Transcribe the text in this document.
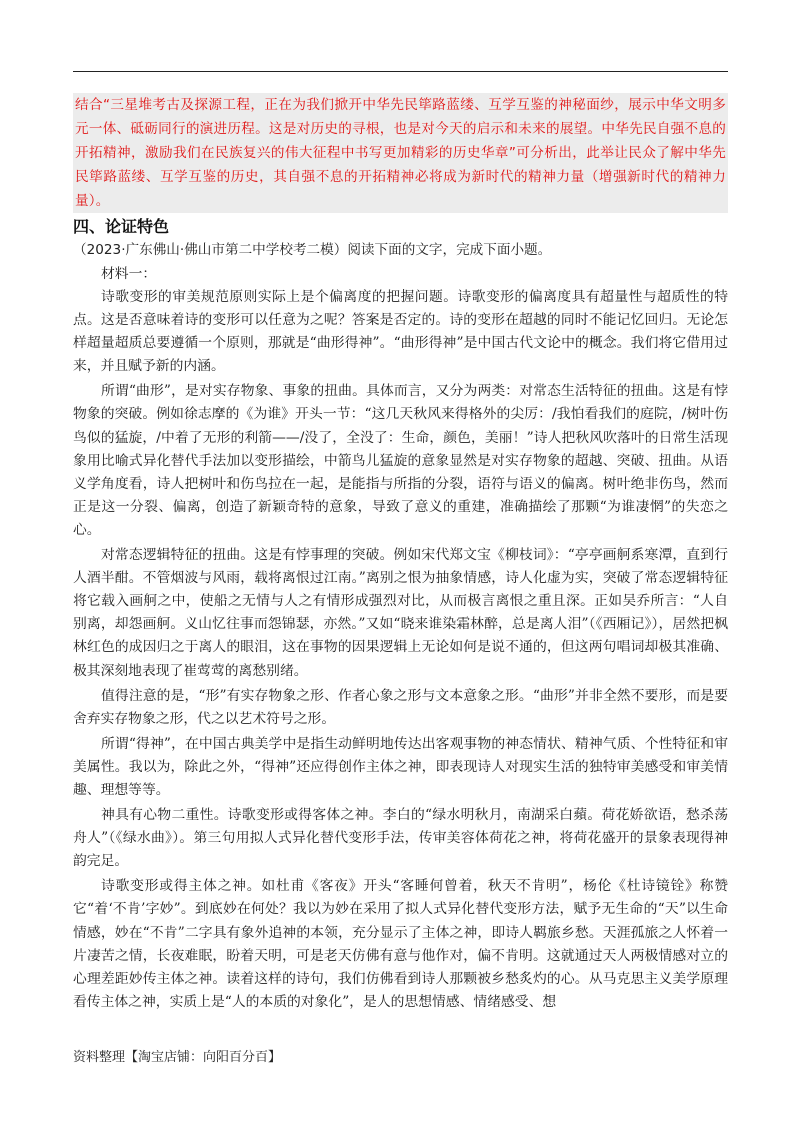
结合“三星堆考古及探源工程，正在为我们掀开中华先民筚路蓝缕、互学互鉴的神秘面纱，展示中华文明多元一体、砥砺同行的演进历程。这是对历史的寻根，也是对今天的启示和未来的展望。中华先民自强不息的开拓精神，激励我们在民族复兴的伟大征程中书写更加精彩的历史华章”可分析出，此举让民众了解中华先民筚路蓝缕、互学互鉴的历史，其自强不息的开拓精神必将成为新时代的精神力量（增强新时代的精神力量）。
四、论证特色
（2023·广东佛山·佛山市第二中学校考二模）阅读下面的文字，完成下面小题。
材料一：

诗歌变形的审美规范原则实际上是个偏离度的把握问题。诗歌变形的偏离度具有超量性与超质性的特点。这是否意味着诗的变形可以任意为之呢？答案是否定的。诗的变形在超越的同时不能记忆回归。无论怎样超量超质总要遵循一个原则，那就是“曲形得神”。“曲形得神”是中国古代文论中的概念。我们将它借用过来，并且赋予新的内涵。

所谓“曲形”，是对实存物象、事象的扭曲。具体而言，又分为两类：对常态生活特征的扭曲。这是有悖物象的突破。例如徐志摩的《为谁》开头一节：“这几天秋风来得格外的尖厉：/我怕看我们的庭院，/树叶伤鸟似的猛旋，/中着了无形的利箭——/没了，全没了：生命，颜色，美丽！”诗人把秋风吹落叶的日常生活现象用比喻式异化替代手法加以变形描绘，中箭鸟儿猛旋的意象显然是对实存物象的超越、突破、扭曲。从语义学角度看，诗人把树叶和伤鸟拉在一起，是能指与所指的分裂，语符与语义的偏离。树叶绝非伤鸟，然而正是这一分裂、偏离，创造了新颖奇特的意象，导致了意义的重建，准确描绘了那颗“为谁凄惘”的失恋之心。

对常态逻辑特征的扭曲。这是有悖事理的突破。例如宋代郑文宝《柳枝词》：“亭亭画舸系寒潭，直到行人酒半酣。不管烟波与风雨，载将离恨过江南。”离别之恨为抽象情感，诗人化虚为实，突破了常态逻辑特征将它载入画舸之中，使船之无情与人之有情形成强烈对比，从而极言离恨之重且深。正如吴乔所言：“人自别离，却怨画舸。义山忆往事而怨锦瑟，亦然。”又如“晓来谁染霜林醉，总是离人泪”（《西厢记》），居然把枫林红色的成因归之于离人的眼泪，这在事物的因果逻辑上无论如何是说不通的，但这两句唱词却极其准确、极其深刻地表现了崔莺莺的离愁别绪。

值得注意的是，“形”有实存物象之形、作者心象之形与文本意象之形。“曲形”并非全然不要形，而是要舍弃实存物象之形，代之以艺术符号之形。

所谓“得神”，在中国古典美学中是指生动鲜明地传达出客观事物的神态情状、精神气质、个性特征和审美属性。我以为，除此之外，“得神”还应得创作主体之神，即表现诗人对现实生活的独特审美感受和审美情趣、理想等等。

神具有心物二重性。诗歌变形或得客体之神。李白的“绿水明秋月，南湖采白蘋。荷花娇欲语，愁杀荡舟人”（《绿水曲》）。第三句用拟人式异化替代变形手法，传审美容体荷花之神，将荷花盛开的景象表现得神韵完足。

诗歌变形或得主体之神。如杜甫《客夜》开头“客睡何曾着，秋天不肯明”，杨伦《杜诗镜铨》称赞它“着‘不肯’字妙”。到底妙在何处？我以为妙在采用了拟人式异化替代变形方法，赋予无生命的“天”以生命情感，妙在“不肯”二字具有象外追神的本领，充分显示了主体之神，即诗人羁旅乡愁。天涯孤旅之人怀着一片凄苦之情，长夜难眠，盼着天明，可是老天仿佛有意与他作对，偏不肯明。这就通过天人两极情感对立的心理差距妙传主体之神。读着这样的诗句，我们仿佛看到诗人那颗被乡愁炙灼的心。从马克思主义美学原理看传主体之神，实质上是“人的本质的对象化”，是人的思想情感、情绪感受、想

资料整理【淘宝店铺：向阳百分百】
